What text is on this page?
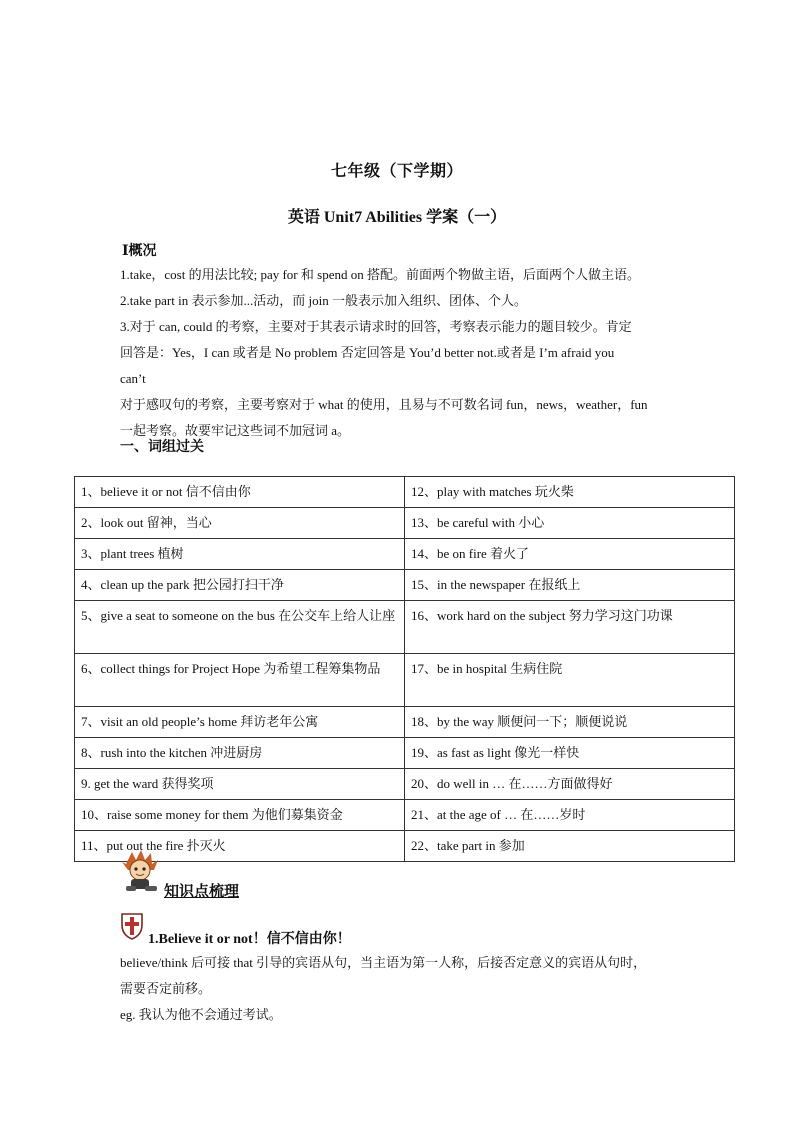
七年级（下学期）
英语 Unit7 Abilities 学案（一）
Ⅰ概况

1.take，cost 的用法比较; pay for 和 spend on 搭配。前面两个物做主语，后面两个人做主语。

2.take part in 表示参加...活动，而 join 一般表示加入组织、团体、个人。

3.对于 can, could 的考察，主要对于其表示请求时的回答，考察表示能力的题目较少。肯定

回答是：Yes，I can 或者是 No problem 否定回答是 You’d better not.或者是 I’m afraid you

can’t

对于感叹句的考察，主要考察对于 what 的使用，且易与不可数名词 fun，news，weather，fun

一起考察。故要牢记这些词不加冠词 a。

一、词组过关
1、believe it or not 信不信由你	12、play with matches 玩火柴
2、look out 留神，当心	13、be careful with 小心
3、plant trees 植树	14、be on fire 着火了
4、clean up the park 把公园打扫干净	15、in the newspaper 在报纸上
5、give a seat to someone on the bus 在公交车上给人让座	16、work hard on the subject 努力学习这门功课
6、collect things for Project Hope 为希望工程筹集物品	17、be in hospital 生病住院
7、visit an old people’s home 拜访老年公寓	18、by the way 顺便问一下；顺便说说
8、rush into the kitchen 冲进厨房	19、as fast as light 像光一样快
9. get the ward 获得奖项	20、do well in … 在……方面做得好
10、raise some money for them 为他们募集资金	21、at the age of … 在……岁时
11、put out the fire 扑灭火	22、take part in 参加
知识点梳理
1.Believe it or not！信不信由你！

believe/think 后可接 that 引导的宾语从句，当主语为第一人称，后接否定意义的宾语从句时，

需要否定前移。

eg. 我认为他不会通过考试。
